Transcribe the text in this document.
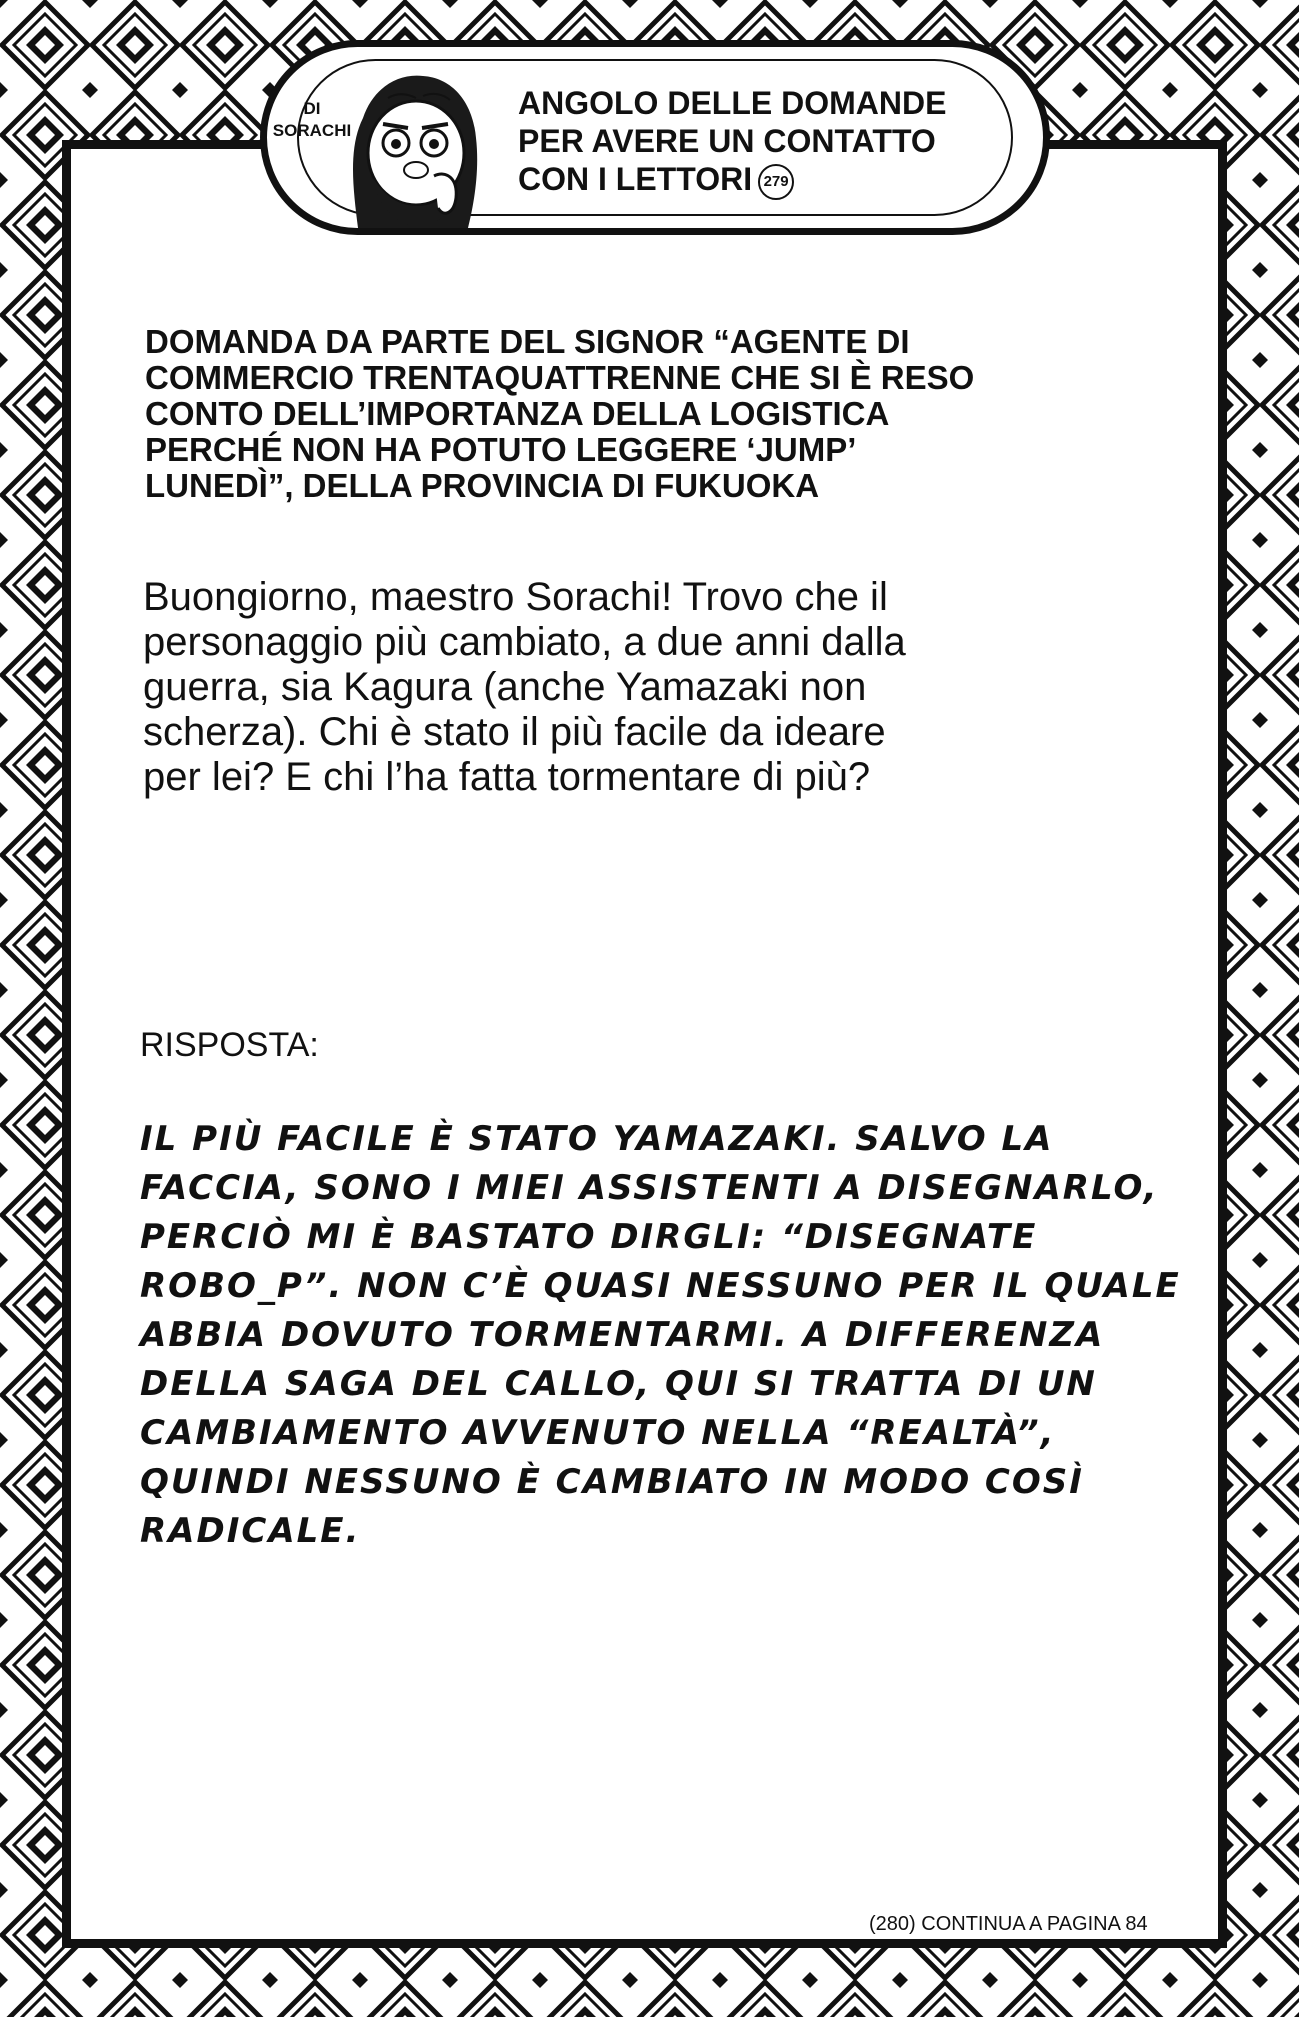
DI
SORACHI
ANGOLO DELLE DOMANDE
PER AVERE UN CONTATTO
CON I LETTORI 279
DOMANDA DA PARTE DEL SIGNOR “AGENTE DI
COMMERCIO TRENTAQUATTRENNE CHE SI È RESO
CONTO DELL’IMPORTANZA DELLA LOGISTICA
PERCHÉ NON HA POTUTO LEGGERE ‘JUMP’
LUNEDÌ”, DELLA PROVINCIA DI FUKUOKA
Buongiorno, maestro Sorachi! Trovo che il
personaggio più cambiato, a due anni dalla
guerra, sia Kagura (anche Yamazaki non
scherza). Chi è stato il più facile da ideare
per lei? E chi l’ha fatta tormentare di più?
RISPOSTA:
IL PIÙ FACILE È STATO YAMAZAKI. SALVO LA
FACCIA, SONO I MIEI ASSISTENTI A DISEGNARLO,
PERCIÒ MI È BASTATO DIRGLI: “DISEGNATE
ROBO_P”. NON C’È QUASI NESSUNO PER IL QUALE
ABBIA DOVUTO TORMENTARMI. A DIFFERENZA
DELLA SAGA DEL CALLO, QUI SI TRATTA DI UN
CAMBIAMENTO AVVENUTO NELLA “REALTÀ”,
QUINDI NESSUNO È CAMBIATO IN MODO COSÌ
RADICALE.
(280) CONTINUA A PAGINA 84
